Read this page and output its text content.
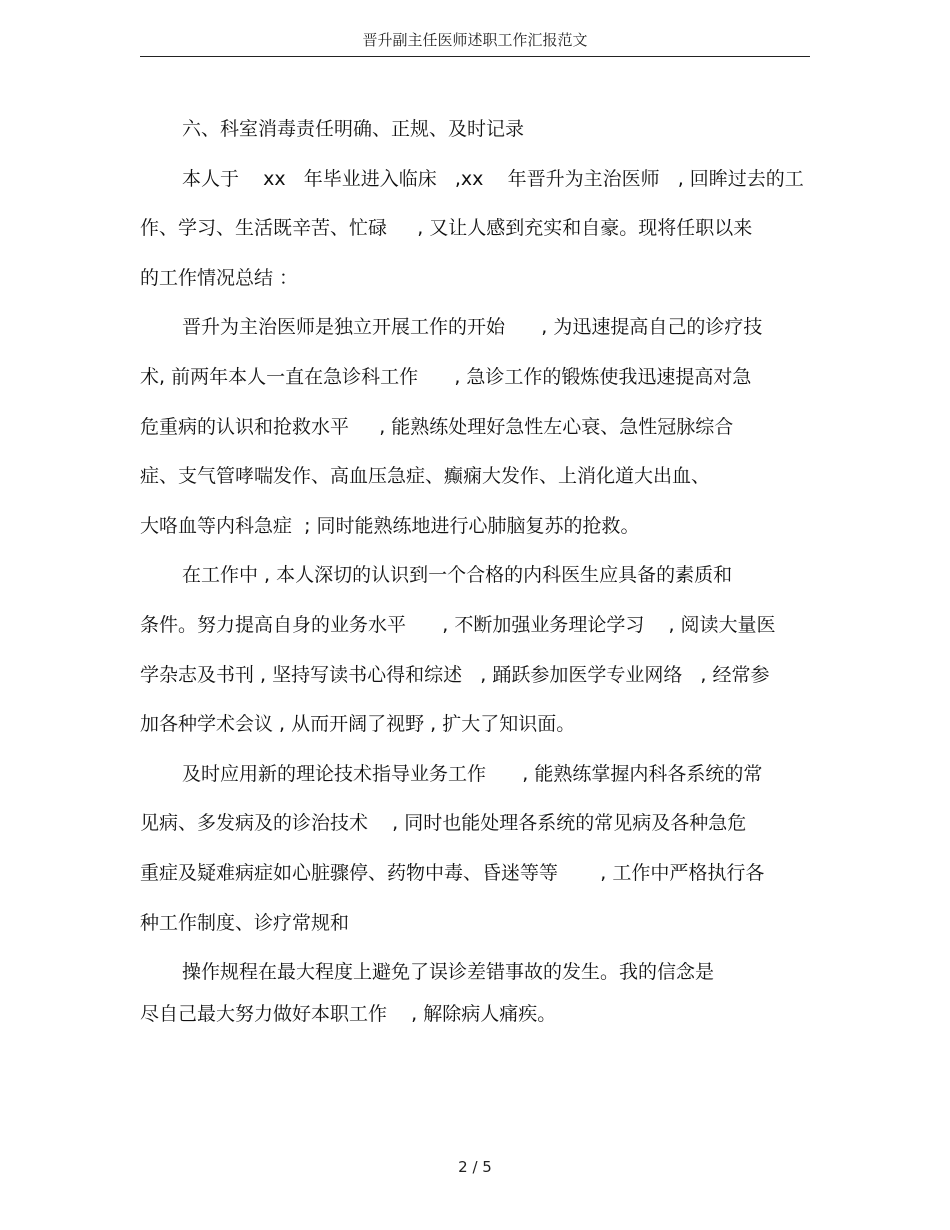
晋升副主任医师述职工作汇报范文
六、科室消毒责任明确、正规、及时记录
本人于    xx   年毕业进入临床   ,xx    年晋升为主治医师   , 回眸过去的工
作、学习、生活既辛苦、忙碌     , 又让人感到充实和自豪。现将任职以来
的工作情况总结 ：
晋升为主治医师是独立开展工作的开始      , 为迅速提高自己的诊疗技
术, 前两年本人一直在急诊科工作      , 急诊工作的锻炼使我迅速提高对急
危重病的认识和抢救水平     , 能熟练处理好急性左心衰、急性冠脉综合
症、支气管哮喘发作、高血压急症、癫痫大发作、上消化道大出血、
大咯血等内科急症  ; 同时能熟练地进行心肺脑复苏的抢救。
在工作中 , 本人深切的认识到一个合格的内科医生应具备的素质和
条件。努力提高自身的业务水平      , 不断加强业务理论学习    , 阅读大量医
学杂志及书刊 , 坚持写读书心得和综述   , 踊跃参加医学专业网络   , 经常参
加各种学术会议 , 从而开阔了视野 , 扩大了知识面。
及时应用新的理论技术指导业务工作      , 能熟练掌握内科各系统的常
见病、多发病及的诊治技术    , 同时也能处理各系统的常见病及各种急危
重症及疑难病症如心脏骤停、药物中毒、昏迷等等       , 工作中严格执行各
种工作制度、诊疗常规和
操作规程在最大程度上避免了误诊差错事故的发生。我的信念是
尽自己最大努力做好本职工作    , 解除病人痛疾。
2 / 5
